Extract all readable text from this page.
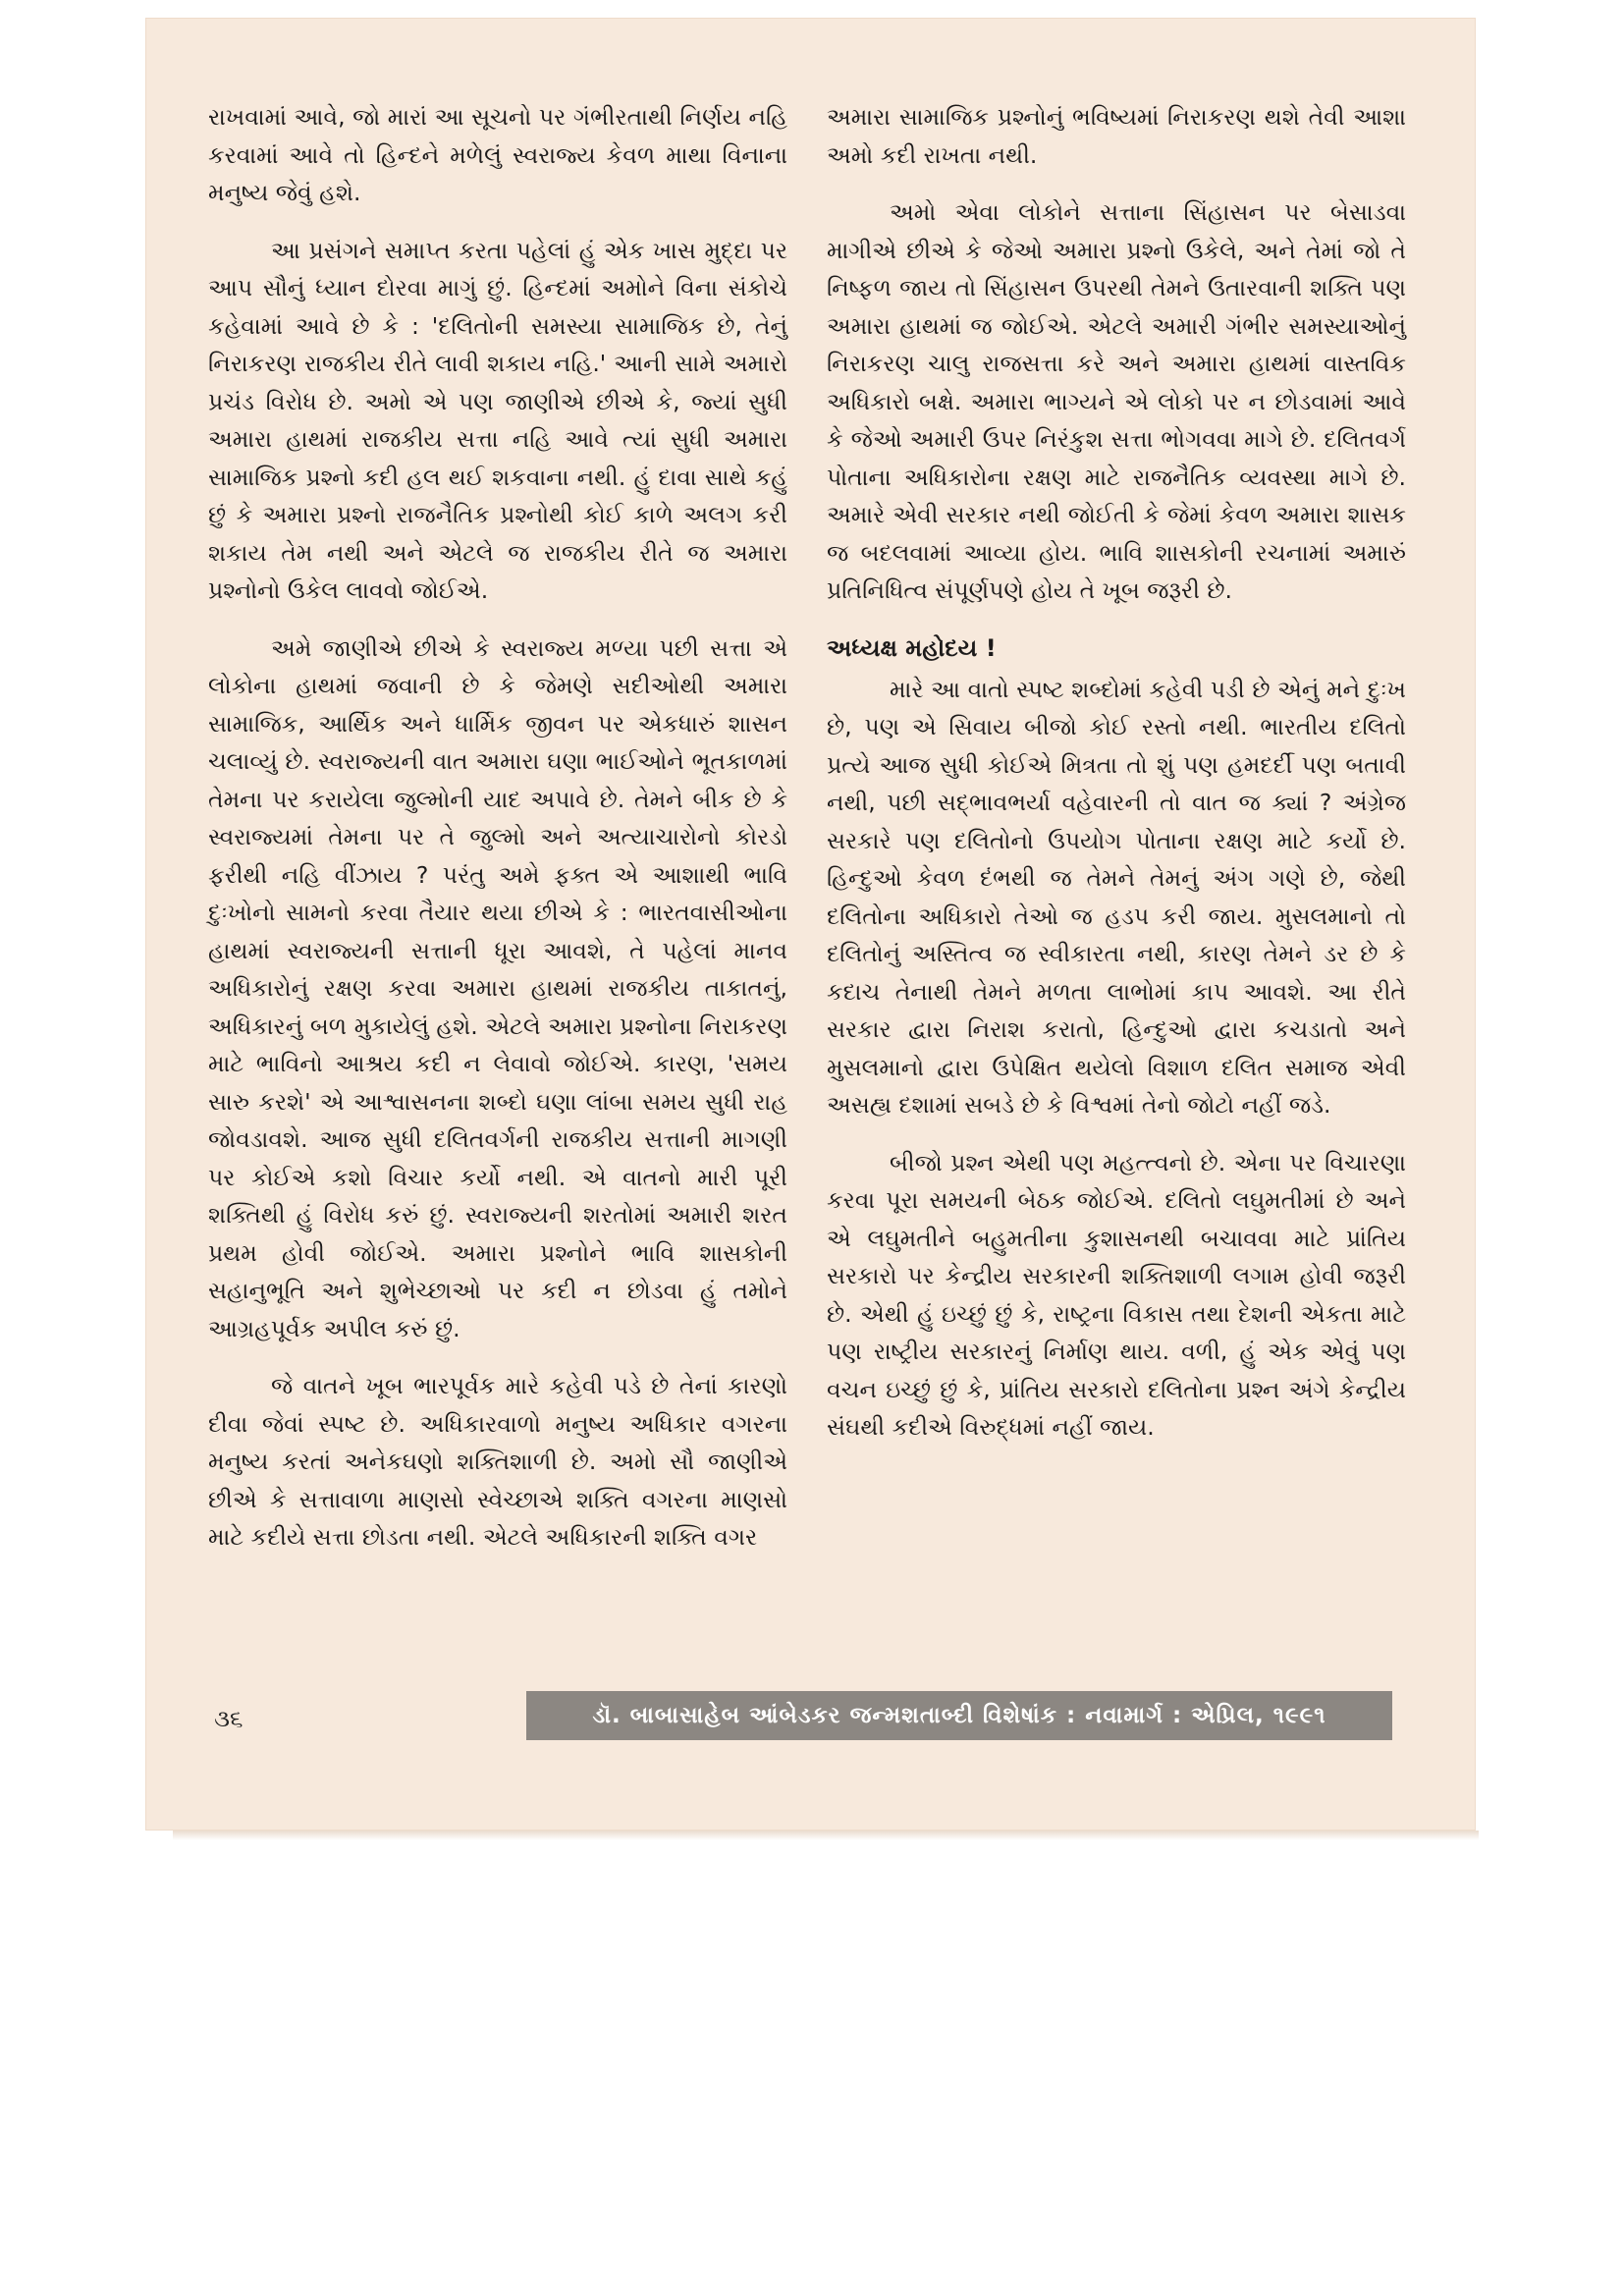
રાખવામાં આવે, જો મારાં આ સૂચનો પર ગંભીરતાથી નિર્ણય નહિ કરવામાં આવે તો હિન્દને મળેલું સ્વરાજ્ય કેવળ માથા વિનાના મનુષ્ય જેવું હશે.

આ પ્રસંગને સમાપ્ત કરતા પહેલાં હું એક ખાસ મુદ્દા પર આપ સૌનું ધ્યાન દોરવા માગું છું. હિન્દમાં અમોને વિના સંકોચે કહેવામાં આવે છે કે : 'દલિતોની સમસ્યા સામાજિક છે, તેનું નિરાકરણ રાજકીય રીતે લાવી શકાય નહિ.' આની સામે અમારો પ્રચંડ વિરોધ છે. અમો એ પણ જાણીએ છીએ કે, જ્યાં સુધી અમારા હાથમાં રાજકીય સત્તા નહિ આવે ત્યાં સુધી અમારા સામાજિક પ્રશ્નો કદી હલ થઈ શકવાના નથી. હું દાવા સાથે કહું છું કે અમારા પ્રશ્નો રાજનૈતિક પ્રશ્નોથી કોઈ કાળે અલગ કરી શકાય તેમ નથી અને એટલે જ રાજકીય રીતે જ અમારા પ્રશ્નોનો ઉકેલ લાવવો જોઈએ.

અમે જાણીએ છીએ કે સ્વરાજ્ય મળ્યા પછી સત્તા એ લોકોના હાથમાં જવાની છે કે જેમણે સદીઓથી અમારા સામાજિક, આર્થિક અને ધાર્મિક જીવન પર એકધારું શાસન ચલાવ્યું છે. સ્વરાજ્યની વાત અમારા ઘણા ભાઈઓને ભૂતકાળમાં તેમના પર કરાયેલા જુલ્મોની યાદ અપાવે છે. તેમને બીક છે કે સ્વરાજ્યમાં તેમના પર તે જુલ્મો અને અત્યાચારોનો કોરડો ફરીથી નહિ વીંઝાય ? પરંતુ અમે ફક્ત એ આશાથી ભાવિ દુઃખોનો સામનો કરવા તૈયાર થયા છીએ કે : ભારતવાસીઓના હાથમાં સ્વરાજ્યની સત્તાની ધૂરા આવશે, તે પહેલાં માનવ અધિકારોનું રક્ષણ કરવા અમારા હાથમાં રાજકીય તાકાતનું, અધિકારનું બળ મુકાયેલું હશે. એટલે અમારા પ્રશ્નોના નિરાકરણ માટે ભાવિનો આશ્રય કદી ન લેવાવો જોઈએ. કારણ, 'સમય સારુ કરશે' એ આશ્વાસનના શબ્દો ઘણા લાંબા સમય સુધી રાહ જોવડાવશે. આજ સુધી દલિતવર્ગની રાજકીય સત્તાની માગણી પર કોઈએ કશો વિચાર કર્યો નથી. એ વાતનો મારી પૂરી શક્તિથી હું વિરોધ કરું છું. સ્વરાજ્યની શરતોમાં અમારી શરત પ્રથમ હોવી જોઈએ. અમારા પ્રશ્નોને ભાવિ શાસકોની સહાનુભૂતિ અને શુભેચ્છાઓ પર કદી ન છોડવા હું તમોને આગ્રહપૂર્વક અપીલ કરું છું.

જે વાતને ખૂબ ભારપૂર્વક મારે કહેવી પડે છે તેનાં કારણો દીવા જેવાં સ્પષ્ટ છે. અધિકારવાળો મનુષ્ય અધિકાર વગરના મનુષ્ય કરતાં અનેકઘણો શક્તિશાળી છે. અમો સૌ જાણીએ છીએ કે સત્તાવાળા માણસો સ્વેચ્છાએ શક્તિ વગરના માણસો માટે કદીયે સત્તા છોડતા નથી. એટલે અધિકારની શક્તિ વગર

અમારા સામાજિક પ્રશ્નોનું ભવિષ્યમાં નિરાકરણ થશે તેવી આશા અમો કદી રાખતા નથી.

અમો એવા લોકોને સત્તાના સિંહાસન પર બેસાડવા માગીએ છીએ કે જેઓ અમારા પ્રશ્નો ઉકેલે, અને તેમાં જો તે નિષ્ફળ જાય તો સિંહાસન ઉપરથી તેમને ઉતારવાની શક્તિ પણ અમારા હાથમાં જ જોઈએ. એટલે અમારી ગંભીર સમસ્યાઓનું નિરાકરણ ચાલુ રાજસત્તા કરે અને અમારા હાથમાં વાસ્તવિક અધિકારો બક્ષે. અમારા ભાગ્યને એ લોકો પર ન છોડવામાં આવે કે જેઓ અમારી ઉપર નિરંકુશ સત્તા ભોગવવા માગે છે. દલિતવર્ગ પોતાના અધિકારોના રક્ષણ માટે રાજનૈતિક વ્યવસ્થા માગે છે. અમારે એવી સરકાર નથી જોઈતી કે જેમાં કેવળ અમારા શાસક જ બદલવામાં આવ્યા હોય. ભાવિ શાસકોની રચનામાં અમારું પ્રતિનિધિત્વ સંપૂર્ણપણે હોય તે ખૂબ જરૂરી છે.

અધ્યક્ષ મહોદય !

મારે આ વાતો સ્પષ્ટ શબ્દોમાં કહેવી પડી છે એનું મને દુઃખ છે, પણ એ સિવાય બીજો કોઈ રસ્તો નથી. ભારતીય દલિતો પ્રત્યે આજ સુધી કોઈએ મિત્રતા તો શું પણ હમદર્દી પણ બતાવી નથી, પછી સદ્ભાવભર્યા વહેવારની તો વાત જ ક્યાં ? અંગ્રેજ સરકારે પણ દલિતોનો ઉપયોગ પોતાના રક્ષણ માટે કર્યો છે. હિન્દુઓ કેવળ દંભથી જ તેમને તેમનું અંગ ગણે છે, જેથી દલિતોના અધિકારો તેઓ જ હડપ કરી જાય. મુસલમાનો તો દલિતોનું અસ્તિત્વ જ સ્વીકારતા નથી, કારણ તેમને ડર છે કે કદાચ તેનાથી તેમને મળતા લાભોમાં કાપ આવશે. આ રીતે સરકાર દ્વારા નિરાશ કરાતો, હિન્દુઓ દ્વારા કચડાતો અને મુસલમાનો દ્વારા ઉપેક્ષિત થયેલો વિશાળ દલિત સમાજ એવી અસહ્ય દશામાં સબડે છે કે વિશ્વમાં તેનો જોટો નહીં જડે.

બીજો પ્રશ્ન એથી પણ મહત્ત્વનો છે. એના પર વિચારણા કરવા પૂરા સમયની બેઠક જોઈએ. દલિતો લઘુમતીમાં છે અને એ લઘુમતીને બહુમતીના કુશાસનથી બચાવવા માટે પ્રાંતિય સરકારો પર કેન્દ્રીય સરકારની શક્તિશાળી લગામ હોવી જરૂરી છે. એથી હું ઇચ્છું છું કે, રાષ્ટ્રના વિકાસ તથા દેશની એકતા માટે પણ રાષ્ટ્રીય સરકારનું નિર્માણ થાય. વળી, હું એક એવું પણ વચન ઇચ્છું છું કે, પ્રાંતિય સરકારો દલિતોના પ્રશ્ન અંગે કેન્દ્રીય સંઘથી કદીએ વિરુદ્ધમાં નહીં જાય.

૩૬	ડૉ. બાબાસાહેબ આંબેડકર જન્મશતાબ્દી વિશેષાંક : નવામાર્ગ : એપ્રિલ, ૧૯૯૧
